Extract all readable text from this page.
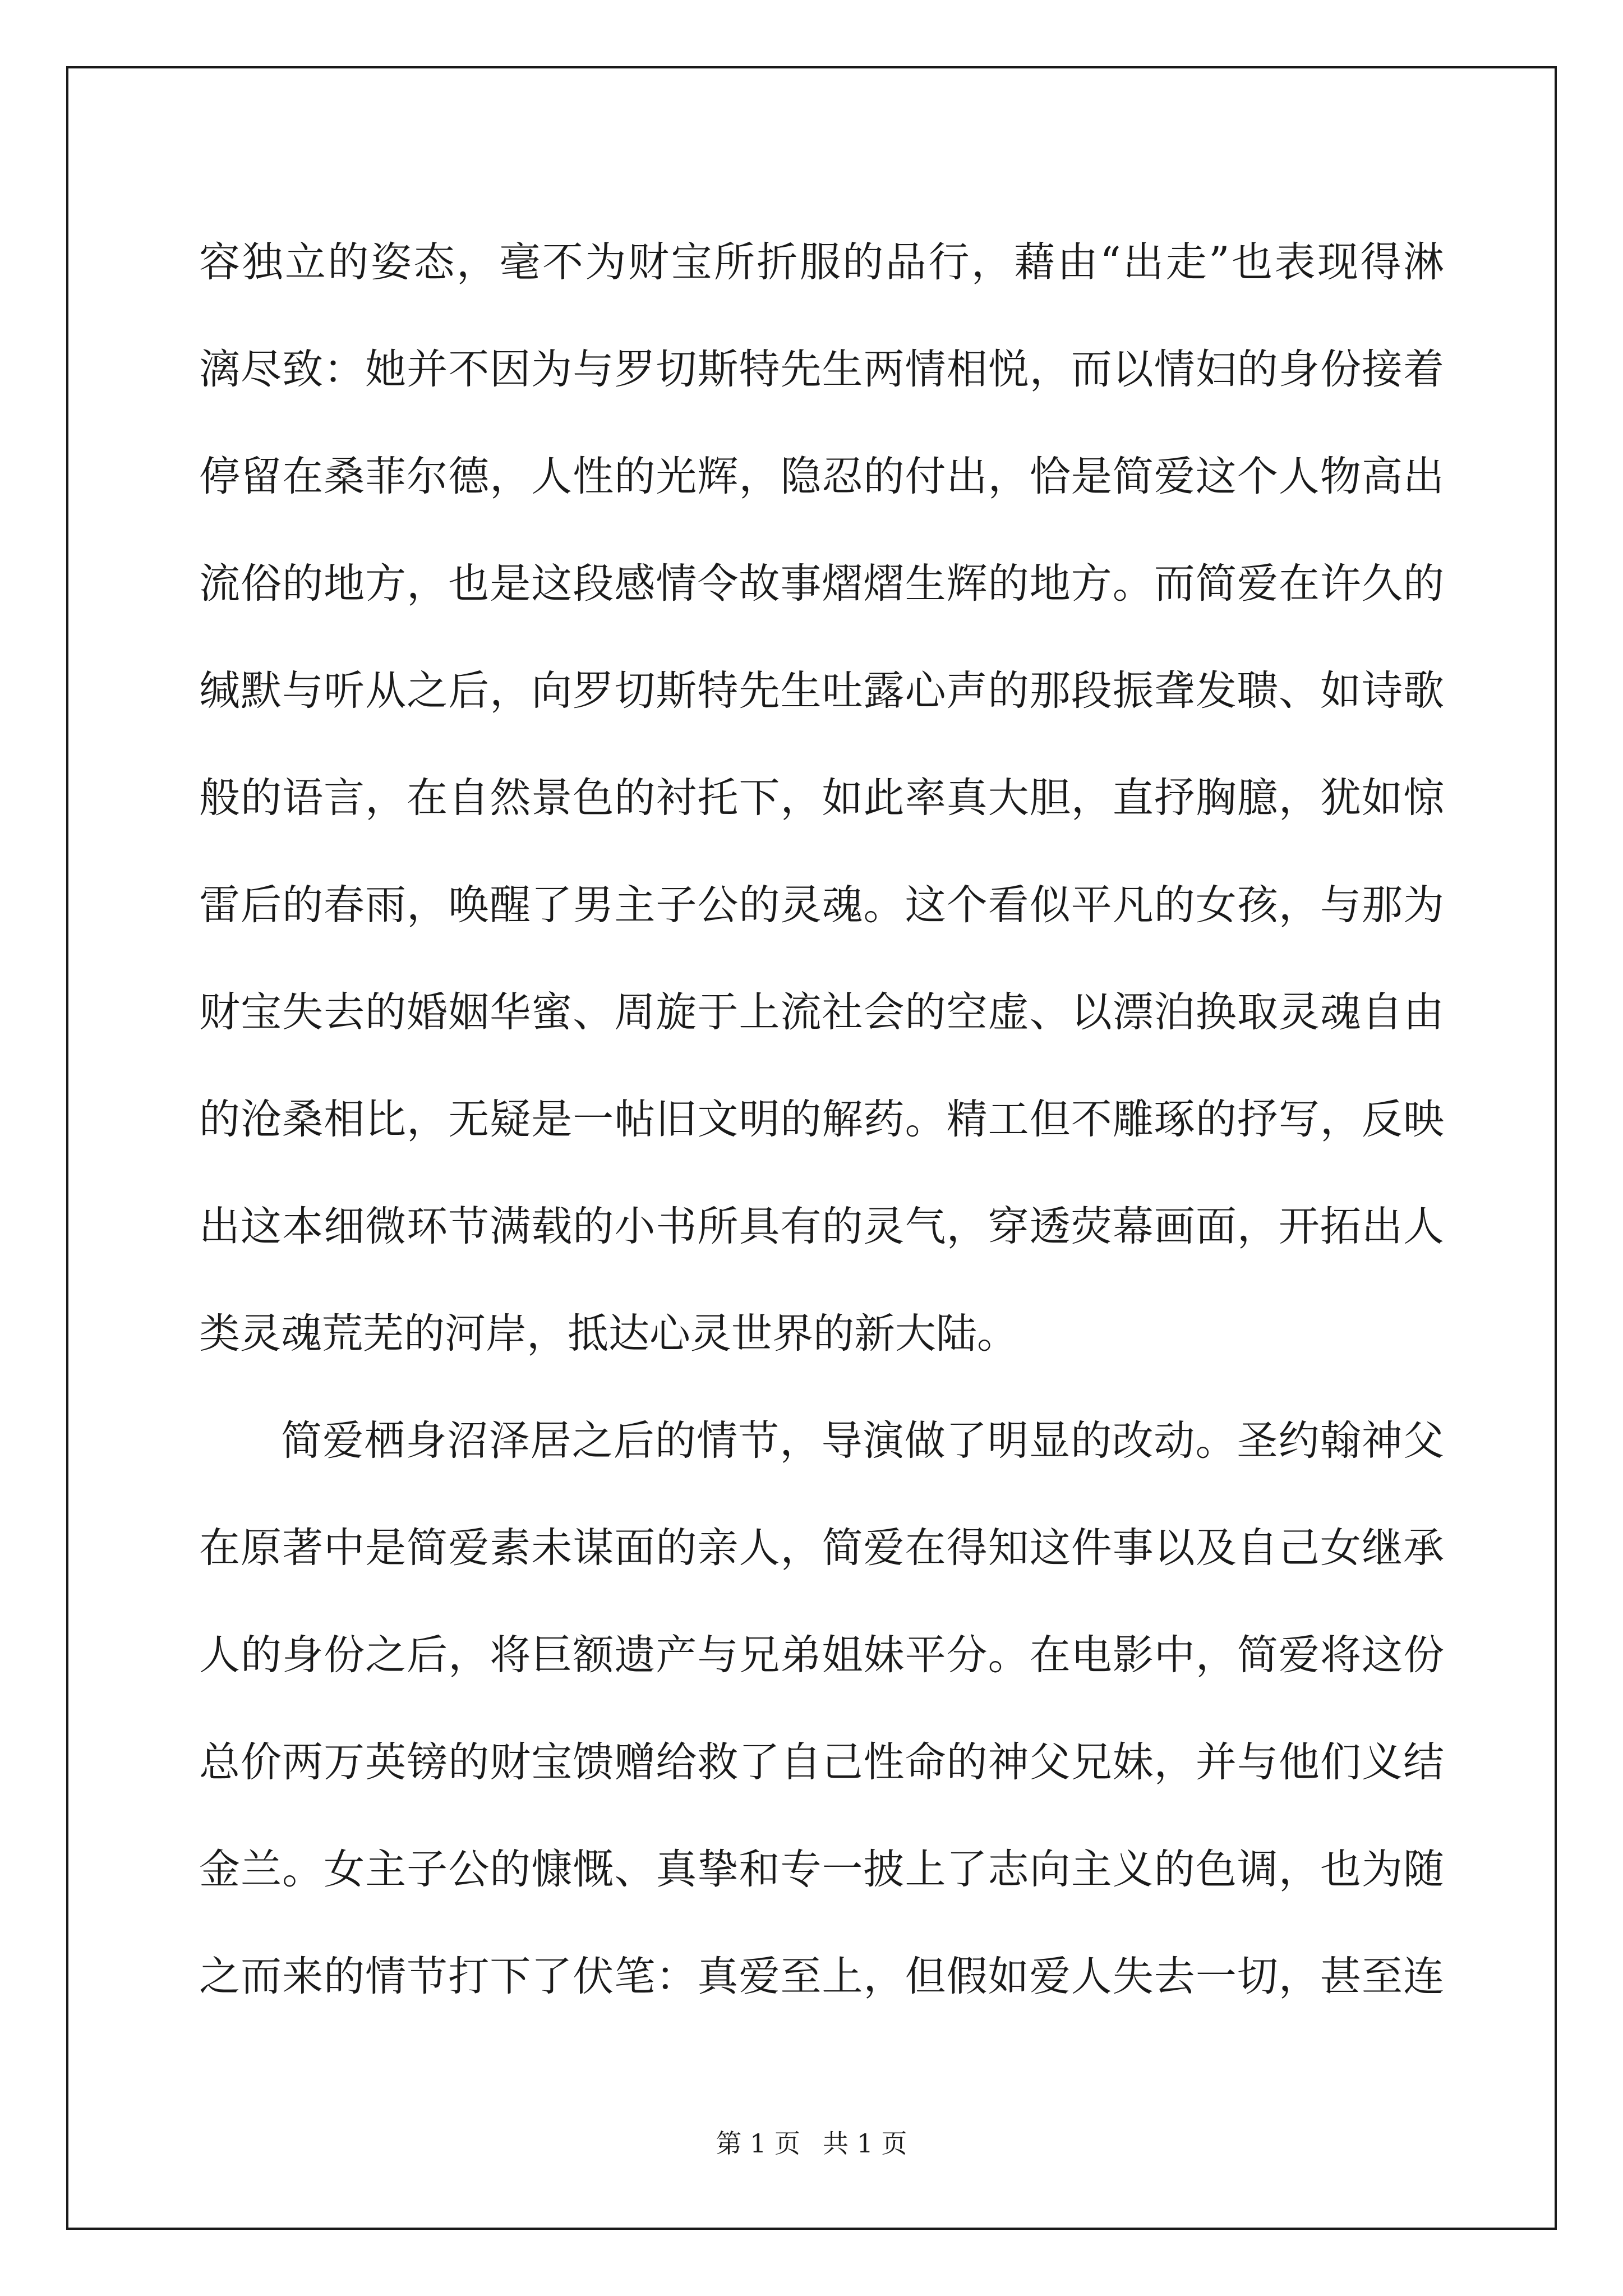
容独立的姿态，毫不为财宝所折服的品行，藉由“出走”也表现得淋
漓尽致：她并不因为与罗切斯特先生两情相悦，而以情妇的身份接着
停留在桑菲尔德，人性的光辉，隐忍的付出，恰是简爱这个人物高出
流俗的地方，也是这段感情令故事熠熠生辉的地方。而简爱在许久的
缄默与听从之后，向罗切斯特先生吐露心声的那段振聋发聩、如诗歌
般的语言，在自然景色的衬托下，如此率真大胆，直抒胸臆，犹如惊
雷后的春雨，唤醒了男主子公的灵魂。这个看似平凡的女孩，与那为
财宝失去的婚姻华蜜、周旋于上流社会的空虚、以漂泊换取灵魂自由
的沧桑相比，无疑是一帖旧文明的解药。精工但不雕琢的抒写，反映
出这本细微环节满载的小书所具有的灵气，穿透荧幕画面，开拓出人
类灵魂荒芜的河岸，抵达心灵世界的新大陆。
简爱栖身沼泽居之后的情节，导演做了明显的改动。圣约翰神父
在原著中是简爱素未谋面的亲人，简爱在得知这件事以及自己女继承
人的身份之后，将巨额遗产与兄弟姐妹平分。在电影中，简爱将这份
总价两万英镑的财宝馈赠给救了自己性命的神父兄妹，并与他们义结
金兰。女主子公的慷慨、真挚和专一披上了志向主义的色调，也为随
之而来的情节打下了伏笔：真爱至上，但假如爱人失去一切，甚至连
第 1 页 共 1 页
